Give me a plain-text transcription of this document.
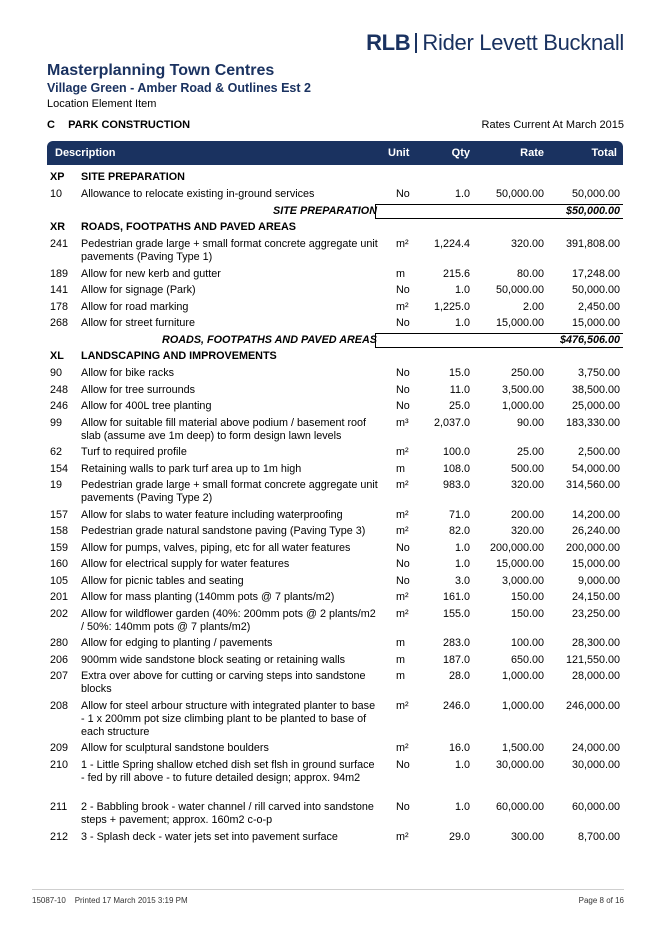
RLB Rider Levett Bucknall
Masterplanning Town Centres
Village Green - Amber Road & Outlines Est 2
Location Element Item
C PARK CONSTRUCTION	Rates Current At March 2015
Description	Unit	Qty	Rate	Total
XP SITE PREPARATION
10 Allowance to relocate existing in-ground services	No	1.0 50,000.00	50,000.00
SITE PREPARATION	$50,000.00
XR ROADS, FOOTPATHS AND PAVED AREAS
241 Pedestrian grade large + small format concrete aggregate unit pavements (Paving Type 1)
m² 1,224.4	320.00 391,808.00
189 Allow for new kerb and gutter	m	215.6	80.00	17,248.00
141 Allow for signage (Park)	No	1.0 50,000.00	50,000.00
178 Allow for road marking	m² 1,225.0	2.00	2,450.00
268 Allow for street furniture	No	1.0 15,000.00	15,000.00
ROADS, FOOTPATHS AND PAVED AREAS	$476,506.00
XL LANDSCAPING AND IMPROVEMENTS
90 Allow for bike racks	No	15.0	250.00	3,750.00
248 Allow for tree surrounds	No	11.0	3,500.00	38,500.00
246 Allow for 400L tree planting	No	25.0	1,000.00	25,000.00
99 Allow for suitable fill material above podium / basement roof slab (assume ave 1m deep) to form design lawn levels
m³ 2,037.0	90.00 183,330.00
62 Turf to required profile	m²	100.0	25.00	2,500.00
154 Retaining walls to park turf area up to 1m high	m	108.0	500.00	54,000.00
19 Pedestrian grade large + small format concrete aggregate unit pavements (Paving Type 2)
m²	983.0	320.00 314,560.00
157 Allow for slabs to water feature including waterproofing	m²	71.0	200.00	14,200.00
158 Pedestrian grade natural sandstone paving (Paving Type 3)	m²	82.0	320.00	26,240.00
159 Allow for pumps, valves, piping, etc for all water features	No	1.0 200,000.00 200,000.00
160 Allow for electrical supply for water features	No	1.0 15,000.00	15,000.00
105 Allow for picnic tables and seating	No	3.0	3,000.00	9,000.00
201 Allow for mass planting (140mm pots @ 7 plants/m2)	m²	161.0	150.00	24,150.00
202 Allow for wildflower garden (40%: 200mm pots @ 2 plants/m2 / 50%: 140mm pots @ 7 plants/m2)
m²	155.0	150.00	23,250.00
280 Allow for edging to planting / pavements	m	283.0	100.00	28,300.00
206 900mm wide sandstone block seating or retaining walls	m	187.0	650.00 121,550.00
207 Extra over above for cutting or carving steps into sandstone blocks
m	28.0	1,000.00	28,000.00
208 Allow for steel arbour structure with integrated planter to base - 1 x 200mm pot size climbing plant to be planted to base of each structure
m²	246.0	1,000.00 246,000.00
209 Allow for sculptural sandstone boulders	m²	16.0	1,500.00	24,000.00
210 1 - Little Spring shallow etched dish set flsh in ground surface - fed by rill above - to future detailed design; approx. 94m2
No	1.0 30,000.00	30,000.00
211 2 - Babbling brook - water channel / rill carved into sandstone steps + pavement; approx. 160m2 c-o-p
No	1.0 60,000.00	60,000.00
212 3 - Splash deck - water jets set into pavement surface	m²	29.0	300.00	8,700.00
15087-10 Printed 17 March 2015 3:19 PM	Page 8 of 16
